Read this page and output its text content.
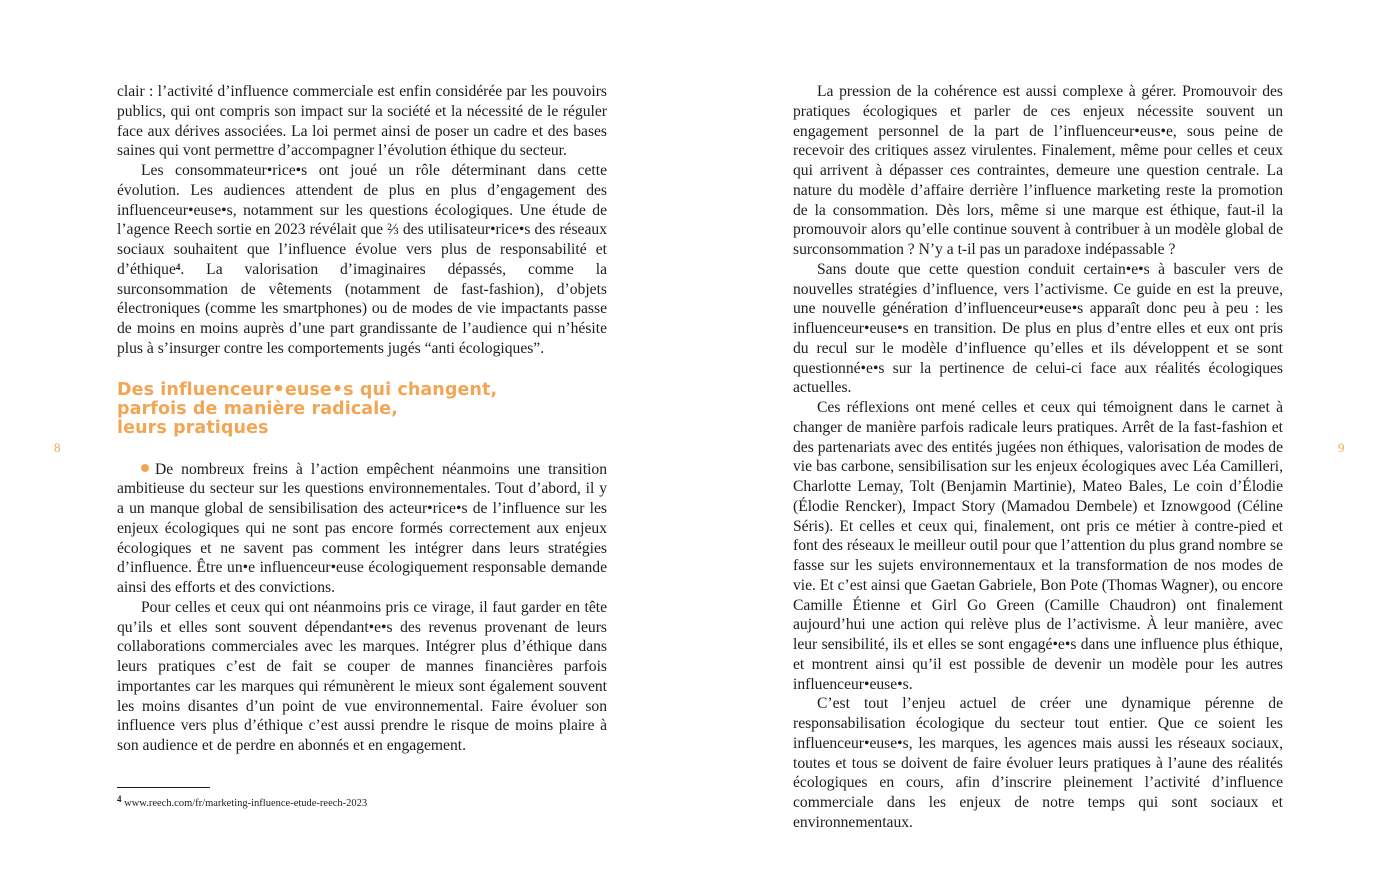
clair : l’activité d’influence commerciale est enfin considérée par les pouvoirs publics, qui ont compris son impact sur la société et la nécessité de le réguler face aux dérives associées. La loi permet ainsi de poser un cadre et des bases saines qui vont permettre d’accompagner l’évolution éthique du secteur.

Les consommateur•rice•s ont joué un rôle déterminant dans cette évolution. Les audiences attendent de plus en plus d’engagement des influenceur•euse•s, notamment sur les questions écologiques. Une étude de l’agence Reech sortie en 2023 révélait que ⅔ des utilisateur•rice•s des réseaux sociaux souhaitent que l’influence évolue vers plus de responsabilité et d’éthique$^4$. La valorisation d’imaginaires dépassés, comme la surconsommation de vêtements (notamment de fast-fashion), d’objets électroniques (comme les smartphones) ou de modes de vie impactants passe de moins en moins auprès d’une part grandissante de l’audience qui n’hésite plus à s’insurger contre les comportements jugés “anti écologiques”.

Des influenceur•euse•s qui changent,
parfois de manière radicale,
leurs pratiques

De nombreux freins à l’action empêchent néanmoins une transition ambitieuse du secteur sur les questions environnementales. Tout d’abord, il y a un manque global de sensibilisation des acteur•rice•s de l’influence sur les enjeux écologiques qui ne sont pas encore formés correctement aux enjeux écologiques et ne savent pas comment les intégrer dans leurs stratégies d’influence. Être un•e influenceur•euse écologiquement responsable demande ainsi des efforts et des convictions.

Pour celles et ceux qui ont néanmoins pris ce virage, il faut garder en tête qu’ils et elles sont souvent dépendant•e•s des revenus provenant de leurs collaborations commerciales avec les marques. Intégrer plus d’éthique dans leurs pratiques c’est de fait se couper de mannes financières parfois importantes car les marques qui rémunèrent le mieux sont également souvent les moins disantes d’un point de vue environnemental. Faire évoluer son influence vers plus d’éthique c’est aussi prendre le risque de moins plaire à son audience et de perdre en abonnés et en engagement.

8
$^4$ www.reech.com/fr/marketing-influence-etude-reech-2023

La pression de la cohérence est aussi complexe à gérer. Promouvoir des pratiques écologiques et parler de ces enjeux nécessite souvent un engagement personnel de la part de l’influenceur•eus•e, sous peine de recevoir des critiques assez virulentes. Finalement, même pour celles et ceux qui arrivent à dépasser ces contraintes, demeure une question centrale. La nature du modèle d’affaire derrière l’influence marketing reste la promotion de la consommation. Dès lors, même si une marque est éthique, faut-il la promouvoir alors qu’elle continue souvent à contribuer à un modèle global de surconsommation ? N’y a t-il pas un paradoxe indépassable ?

Sans doute que cette question conduit certain•e•s à basculer vers de nouvelles stratégies d’influence, vers l’activisme. Ce guide en est la preuve, une nouvelle génération d’influenceur•euse•s apparaît donc peu à peu : les influenceur•euse•s en transition. De plus en plus d’entre elles et eux ont pris du recul sur le modèle d’influence qu’elles et ils développent et se sont questionné•e•s sur la pertinence de celui-ci face aux réalités écologiques actuelles.

Ces réflexions ont mené celles et ceux qui témoignent dans le carnet à changer de manière parfois radicale leurs pratiques. Arrêt de la fast-fashion et des partenariats avec des entités jugées non éthiques, valorisation de modes de vie bas carbone, sensibilisation sur les enjeux écologiques avec Léa Camilleri, Charlotte Lemay, Tolt (Benjamin Martinie), Mateo Bales, Le coin d’Élodie (Élodie Rencker), Impact Story (Mamadou Dembele) et Iznowgood (Céline Séris). Et celles et ceux qui, finalement, ont pris ce métier à contre-pied et font des réseaux le meilleur outil pour que l’attention du plus grand nombre se fasse sur les sujets environnementaux et la transformation de nos modes de vie. Et c’est ainsi que Gaetan Gabriele, Bon Pote (Thomas Wagner), ou encore Camille Étienne et Girl Go Green (Camille Chaudron) ont finalement aujourd’hui une action qui relève plus de l’activisme. À leur manière, avec leur sensibilité, ils et elles se sont engagé•e•s dans une influence plus éthique, et montrent ainsi qu’il est possible de devenir un modèle pour les autres influenceur•euse•s.

C’est tout l’enjeu actuel de créer une dynamique pérenne de responsabilisation écologique du secteur tout entier. Que ce soient les influenceur•euse•s, les marques, les agences mais aussi les réseaux sociaux, toutes et tous se doivent de faire évoluer leurs pratiques à l’aune des réalités écologiques en cours, afin d’inscrire pleinement l’activité d’influence commerciale dans les enjeux de notre temps qui sont sociaux et environnementaux.

9
